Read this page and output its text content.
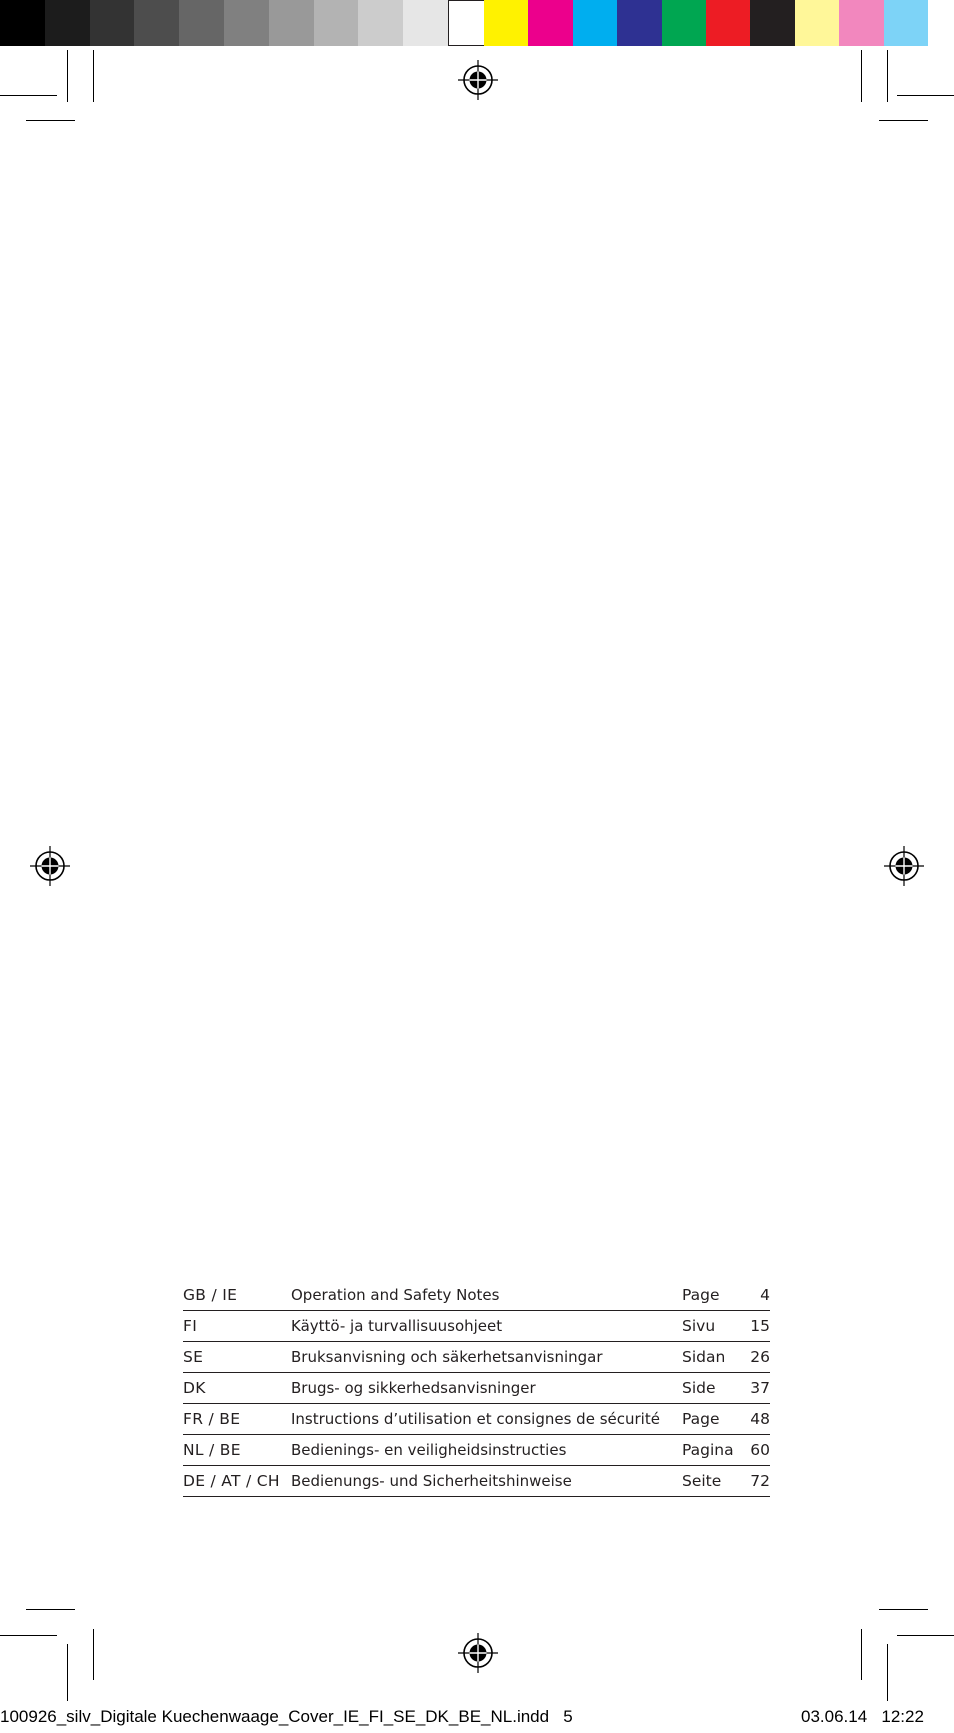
GB / IE	Operation and Safety Notes	Page	4
FI	Käyttö- ja turvallisuusohjeet	Sivu	15
SE	Bruksanvisning och säkerhetsanvisningar	Sidan	26
DK	Brugs- og sikkerhedsanvisninger	Side	37
FR / BE	Instructions d’utilisation et consignes de sécurité	Page	48
NL / BE	Bedienings- en veiligheidsinstructies	Pagina	60
DE / AT / CH	Bedienungs- und Sicherheitshinweise	Seite	72
100926_silv_Digitale Kuechenwaage_Cover_IE_FI_SE_DK_BE_NL.indd 5	03.06.14 12:22
